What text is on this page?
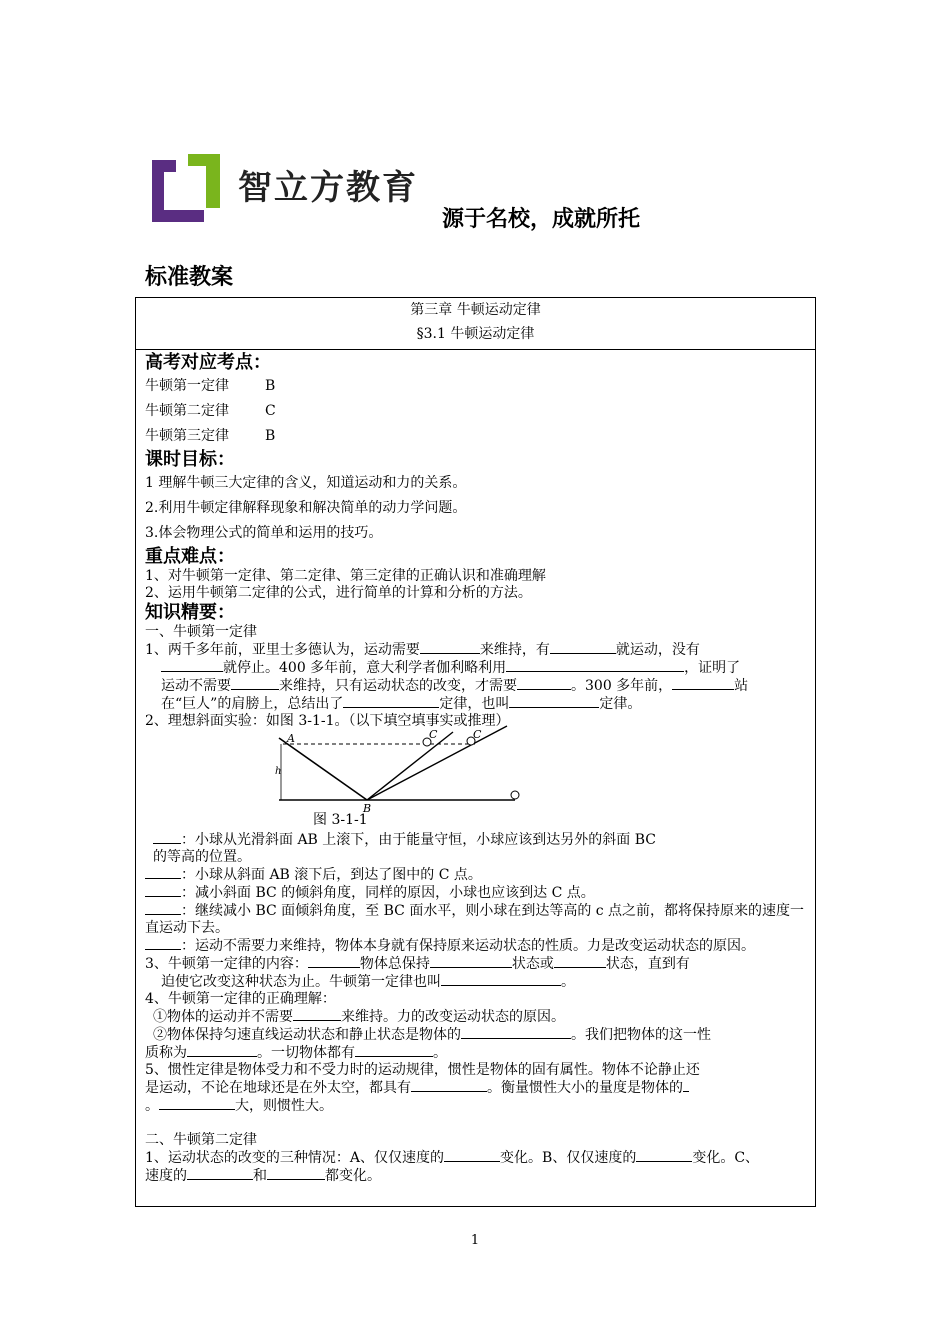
智立方教育
源于名校，成就所托
标准教案
第三章 牛顿运动定律
§3.1 牛顿运动定律
高考对应考点：
牛顿第一定律	B
牛顿第二定律	C
牛顿第三定律	B
课时目标：
1 理解牛顿三大定律的含义，知道运动和力的关系。
2.利用牛顿定律解释现象和解决简单的动力学问题。
3.体会物理公式的简单和运用的技巧。
重点难点：
1、对牛顿第一定律、第二定律、第三定律的正确认识和准确理解
2、运用牛顿第二定律的公式，进行简单的计算和分析的方法。
知识精要：
一、牛顿第一定律
1、两千多年前，亚里士多德认为，运动需要	来维持，有	就运动，没有
就停止。400 多年前，意大利学者伽利略利用	，证明了
运动不需要	来维持，只有运动状态的改变，才需要	。300 多年前，	站
在“巨人”的肩膀上，总结出了	定律，也叫	定律。
2、理想斜面实验：如图 3-1-1。（以下填空填事实或推理）
A
h
B
C	C
图 3-1-1
：小球从光滑斜面 AB 上滚下，由于能量守恒，小球应该到达另外的斜面 BC
的等高的位置。
：小球从斜面 AB 滚下后，到达了图中的 C 点。
：减小斜面 BC 的倾斜角度，同样的原因，小球也应该到达 C 点。
：继续减小 BC 面倾斜角度，至 BC 面水平，则小球在到达等高的 c 点之前，都将保持原来的速度一直运动下去。
：运动不需要力来维持，物体本身就有保持原来运动状态的性质。力是改变运动状态的原因。
3、牛顿第一定律的内容：	物体总保持	状态或	状态，直到有
迫使它改变这种状态为止。牛顿第一定律也叫	。
4、牛顿第一定律的正确理解：
①物体的运动并不需要	来维持。力的改变运动状态的原因。
②物体保持匀速直线运动状态和静止状态是物体的	。我们把物体的这一性
质称为	。一切物体都有	。
5、惯性定律是物体受力和不受力时的运动规律，惯性是物体的固有属性。物体不论静止还
是运动，不论在地球还是在外太空，都具有	。衡量惯性大小的量度是物体的
。	大，则惯性大。
二、牛顿第二定律
1、运动状态的改变的三种情况：A、仅仅速度的	变化。B、仅仅速度的	变化。C、
速度的	和	都变化。
1
